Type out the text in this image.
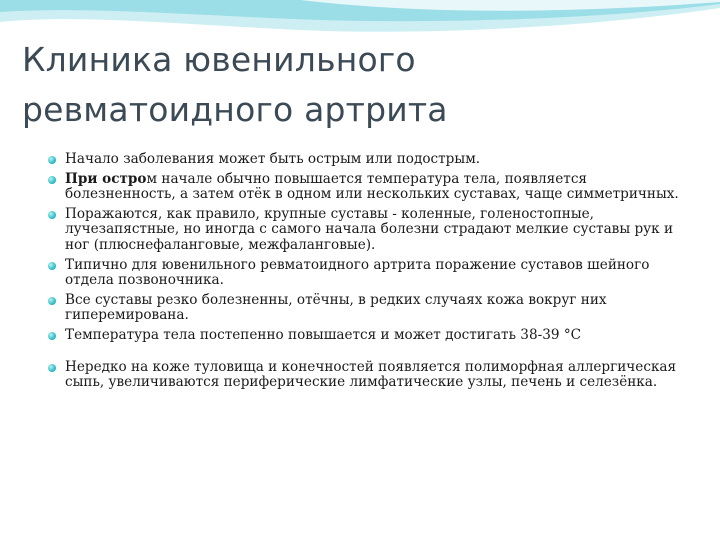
Клиника ювенильного
ревматоидного артрита
Начало заболевания может быть острым или подострым.
При остром начале обычно повышается температура тела, появляется болезненность, а затем отёк в одном или нескольких суставах, чаще симметричных.
Поражаются, как правило, крупные суставы - коленные, голеностопные, лучезапястные, но иногда с самого начала болезни страдают мелкие суставы рук и ног (плюснефаланговые, межфаланговые).
Типично для ювенильного ревматоидного артрита поражение суставов шейного отдела позвоночника.
Все суставы резко болезненны, отёчны, в редких случаях кожа вокруг них гиперемирована.
Температура тела постепенно повышается и может достигать 38-39 °С
Нередко на коже туловища и конечностей появляется полиморфная аллергическая сыпь, увеличиваются периферические лимфатические узлы, печень и селезёнка.
